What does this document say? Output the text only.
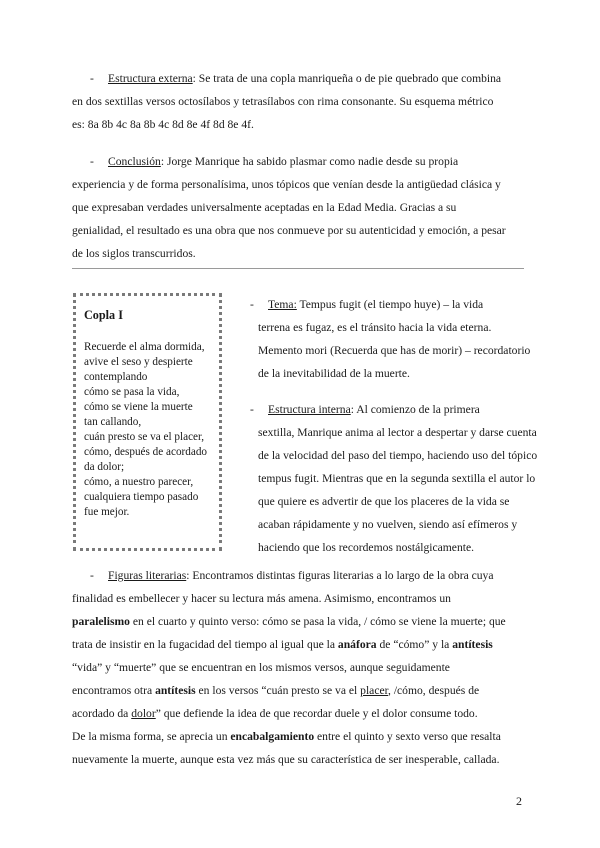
- Estructura externa: Se trata de una copla manriqueña o de pie quebrado que combina

en dos sextillas versos octosílabos y tetrasílabos con rima consonante. Su esquema métrico

es: 8a 8b 4c 8a 8b 4c 8d 8e 4f 8d 8e 4f.

- Conclusión: Jorge Manrique ha sabido plasmar como nadie desde su propia

experiencia y de forma personalísima, unos tópicos que venían desde la antigüedad clásica y

que expresaban verdades universalmente aceptadas en la Edad Media. Gracias a su

genialidad, el resultado es una obra que nos conmueve por su autenticidad y emoción, a pesar

de los siglos transcurridos.

Copla I
Recuerde el alma dormida,
avive el seso y despierte
contemplando
cómo se pasa la vida,
cómo se viene la muerte
tan callando,
cuán presto se va el placer,
cómo, después de acordado
da dolor;
cómo, a nuestro parecer,
cualquiera tiempo pasado
fue mejor.

- Tema: Tempus fugit (el tiempo huye) – la vida

terrena es fugaz, es el tránsito hacia la vida eterna.

Memento mori (Recuerda que has de morir) – recordatorio

de la inevitabilidad de la muerte.

- Estructura interna: Al comienzo de la primera

sextilla, Manrique anima al lector a despertar y darse cuenta

de la velocidad del paso del tiempo, haciendo uso del tópico

tempus fugit. Mientras que en la segunda sextilla el autor lo

que quiere es advertir de que los placeres de la vida se

acaban rápidamente y no vuelven, siendo así efímeros y

haciendo que los recordemos nostálgicamente.

- Figuras literarias: Encontramos distintas figuras literarias a lo largo de la obra cuya

finalidad es embellecer y hacer su lectura más amena. Asimismo, encontramos un

paralelismo en el cuarto y quinto verso: cómo se pasa la vida, / cómo se viene la muerte; que

trata de insistir en la fugacidad del tiempo al igual que la anáfora de “cómo” y la antítesis

“vida” y “muerte” que se encuentran en los mismos versos, aunque seguidamente

encontramos otra antítesis en los versos “cuán presto se va el placer, /cómo, después de

acordado da dolor” que defiende la idea de que recordar duele y el dolor consume todo.

De la misma forma, se aprecia un encabalgamiento entre el quinto y sexto verso que resalta

nuevamente la muerte, aunque esta vez más que su característica de ser inesperable, callada.

2
